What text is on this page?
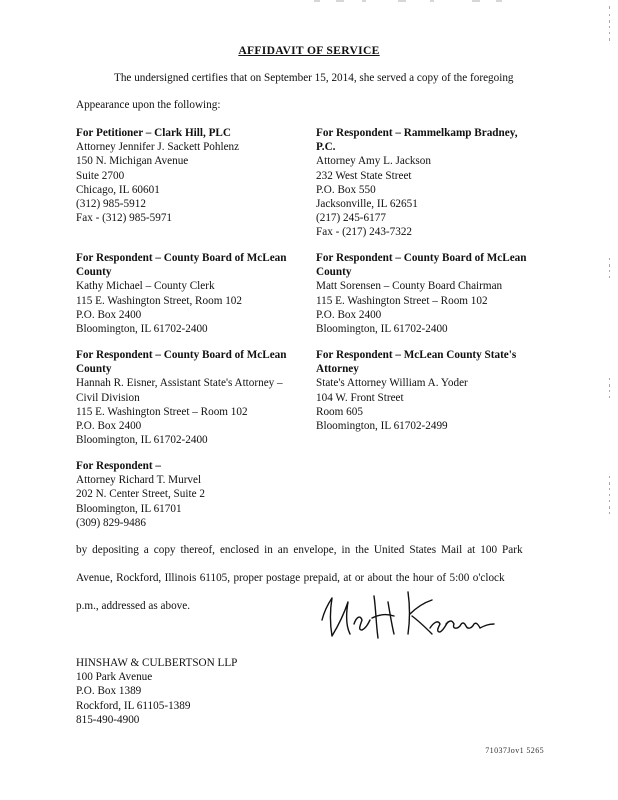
AFFIDAVIT OF SERVICE
The undersigned certifies that on September 15, 2014, she served a copy of the foregoing
Appearance upon the following:
For Petitioner – Clark Hill, PLC
Attorney Jennifer J. Sackett Pohlenz
150 N. Michigan Avenue
Suite 2700
Chicago, IL 60601
(312) 985-5912
Fax - (312) 985-5971
For Respondent – Rammelkamp Bradney,
P.C.
Attorney Amy L. Jackson
232 West State Street
P.O. Box 550
Jacksonville, IL 62651
(217) 245-6177
Fax - (217) 243-7322
For Respondent – County Board of McLean
County
Kathy Michael – County Clerk
115 E. Washington Street, Room 102
P.O. Box 2400
Bloomington, IL 61702-2400
For Respondent – County Board of McLean
County
Matt Sorensen – County Board Chairman
115 E. Washington Street – Room 102
P.O. Box 2400
Bloomington, IL 61702-2400
For Respondent – County Board of McLean
County
Hannah R. Eisner, Assistant State's Attorney –
Civil Division
115 E. Washington Street – Room 102
P.O. Box 2400
Bloomington, IL 61702-2400
For Respondent – McLean County State's
Attorney
State's Attorney William A. Yoder
104 W. Front Street
Room 605
Bloomington, IL 61702-2499
For Respondent –
Attorney Richard T. Murvel
202 N. Center Street, Suite 2
Bloomington, IL 61701
(309) 829-9486
by depositing a copy thereof, enclosed in an envelope, in the United States Mail at 100 Park
Avenue, Rockford, Illinois 61105, proper postage prepaid, at or about the hour of 5:00 o'clock
p.m., addressed as above.
HINSHAW & CULBERTSON LLP
100 Park Avenue
P.O. Box 1389
Rockford, IL 61105-1389
815-490-4900
71037Jov1 5265
